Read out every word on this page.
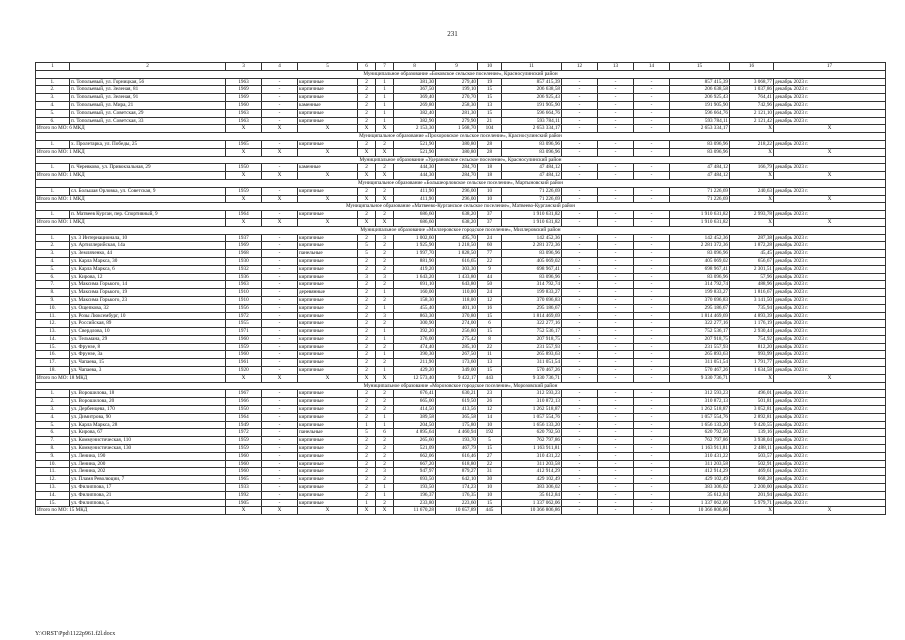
231
1	2	3	4	5	6	7	8	9	10	11	12	13	14	15	16	17
Муниципальное образование «Боковское сельское поселение», Красносулинский район																
1.	п. Топольевый, ул. Горницкая, 56	1963	-	кирпичные	2	1	381,30	279,40	19	857 415,39	-	-	-	857 415,39	3 068,77	декабрь 2023 г.
2.	п. Топольевый, ул. Зеленая, 81	1969	-	кирпичные	2	1	367,50	199,10	15	206 638,58	-	-	-	206 638,58	1 037,86	декабрь 2023 г.
3.	п. Топольевый, ул. Зеленая, 91	1969	-	кирпичные	2	1	369,40	270,70	15	206 925,43	-	-	-	206 925,43	764,41	декабрь 2023 г.
4.	п. Топольевый, ул. Мира, 21	1960	-	каменные	2	1	269,80	258,30	13	191 905,90	-	-	-	191 905,90	742,96	декабрь 2023 г.
5.	п. Топольевый, ул. Советская, 29	1963	-	кирпичные	2	1	382,40	281,30	15	596 664,76	-	-	-	596 664,76	2 121,10	декабрь 2023 г.
6.	п. Топольевый, ул. Советская, 33	1963	-	кирпичные	2	1	382,90	279,90	21	593 784,11	-	-	-	593 784,11	2 121,42	декабрь 2023 г.
Итого по МО: 6 МКД		X	X	X	X	X	2 153,30	1 568,70	104	2 653 334,17	-	-	-	2 653 334,17	X	X
Муниципальное образование «Прохоровское сельское поселение», Красносулинский район																
1.	х. Пролетарка, ул. Победы, 25	1965	-	кирпичные	2	2	521,90	380,80	28	83 096,96	-	-	-	83 096,96	218,22	декабрь 2023 г.
Итого по МО: 1 МКД		X	X	X	X	X	521,90	380,80	28	83 096,96	-	-	-	83 096,96	X	X
Муниципальное образование «Удерановское сельское поселение», Красносулинский район																
1.	п. Черевково, ул. Привокзальная, 29	1950	-	каменные	2	2	444,30	284,70	18	47 484,12	-	-	-	47 484,12	166,79	декабрь 2023 г.
Итого по МО: 1 МКД		X	X	X	X	X	444,30	284,70	18	47 484,12	-	-	-	47 484,12	X	X
Муниципальное образование «Большеорловское сельское поселение», Мартыновский район																
1.	сл. Большая Орловка, ул. Советская, 9	1959	-	кирпичные	2	2	411,90	296,00	10	71 226,69	-	-	-	71 226,69	240,63	декабрь 2023 г.
Итого по МО: 1 МКД		X	X	X	X	X	411,90	296,00	10	71 226,69	-	-	-	71 226,69	X	X
Муниципальное образование «Матвеево-Курганское сельское поселение», Матвеево-Курганский район																
1.	п. Матвеев Курган, пер. Спортивный, 9	1964	-	кирпичные	2	2	686,60	638,20	37	1 910 631,82	-	-	-	1 910 631,82	2 993,78	декабрь 2023 г.
Итого по МО: 1 МКД		X	X	X	X	X	686,60	638,20	37	1 910 631,82	-	-	-	1 910 631,82	X	X
Муниципальное образование «Миллеровское городское поселение», Миллеровский район																
1.	ул. 3 Интернационала, 10	1937	-	кирпичные	2	3	1 002,60	495,70	24	142 452,36	-	-	-	142 452,36	287,38	декабрь 2023 г.
2.	ул. Артиллерийская, 14а	1969	-	кирпичные	5	2	1 925,90	1 218,50	60	2 281 372,36	-	-	-	2 281 372,36	1 872,28	декабрь 2023 г.
3.	ул. Земляченко, 44	1968	-	панельные	5	2	1 997,70	1 828,50	77	83 096,96	-	-	-	83 096,96	45,45	декабрь 2023 г.
4.	ул. Карла Маркса, 30	1930	-	кирпичные	2	2	881,90	616,65	22	405 069,02	-	-	-	405 069,02	656,67	декабрь 2023 г.
5.	ул. Карла Маркса, 6	1932	-	кирпичные	2	2	419,20	303,30	9	698 967,41	-	-	-	698 967,41	2 301,51	декабрь 2023 г.
6.	ул. Кирова, 12	1936	-	кирпичные	3	3	1 643,20	1 433,80	44	83 096,96	-	-	-	83 096,96	57,96	декабрь 2023 г.
7.	ул. Максима Горького, 14	1963	-	кирпичные	2	2	691,10	643,80	50	314 792,74	-	-	-	314 792,74	488,96	декабрь 2023 г.
8.	ул. Максима Горького, 19	1910	-	деревянные	2	1	160,00	110,00	24	199 833,27	-	-	-	199 833,27	1 816,67	декабрь 2023 г.
9.	ул. Максима Горького, 23	1910	-	кирпичные	2	2	158,30	118,00	12	370 696,83	-	-	-	370 696,83	3 141,50	декабрь 2023 г.
10.	ул. Ощепкова, 32	1956	-	кирпичные	2	1	455,40	401,10	16	295 186,67	-	-	-	295 186,67	735,94	декабрь 2023 г.
11.	ул. Розы Люксембург, 10	1972	-	кирпичные	2	3	863,30	370,80	15	1 814 469,69	-	-	-	1 814 469,69	4 893,39	декабрь 2023 г.
12.	ул. Российская, 89	1955	-	кирпичные	2	2	300,90	274,00	6	322 277,16	-	-	-	322 277,16	1 176,19	декабрь 2023 г.
13.	ул. Свердлова, 10	1971	-	кирпичные	2	1	392,20	256,80	15	752 536,17	-	-	-	752 536,17	2 930,44	декабрь 2023 г.
14.	ул. Тельмана, 29	1960	-	кирпичные	2	1	376,00	275,42	8	207 918,75	-	-	-	207 918,75	754,92	декабрь 2023 г.
15.	ул. Фрунзе, 8	1959	-	кирпичные	2	2	474,40	285,10	22	231 557,93	-	-	-	231 557,93	812,20	декабрь 2023 г.
16.	ул. Фрунзе, 3а	1960	-	кирпичные	2	1	390,30	267,50	11	265 893,63	-	-	-	265 893,63	993,99	декабрь 2023 г.
17.	ул. Чапаева, 15	1961	-	кирпичные	2	2	211,90	173,60	13	311 051,54	-	-	-	311 051,54	1 791,77	декабрь 2023 г.
18.	ул. Чапаева, 3	1920	-	кирпичные	2	1	429,20	349,00	15	570 467,26	-	-	-	570 467,26	1 634,58	декабрь 2023 г.
Итого по МО: 18 МКД		X	X	X	X	X	12 573,40	9 422,17	443	9 330 736,71	-	-	-	9 330 736,71	X	X
Муниципальное образование «Морозовское городское поселение», Морозовский район																
1.	ул. Ворошилова, 18	1967	-	кирпичные	2	2	676,41	630,21	23	312 593,23	-	-	-	312 593,23	496,01	декабрь 2023 г.
2.	ул. Ворошилова, 20	1966	-	кирпичные	2	2	665,00	619,50	26	310 872,13	-	-	-	310 872,13	501,81	декабрь 2023 г.
3.	ул. Дербенцева, 170	1950	-	кирпичные	2	2	414,50	413,56	12	1 262 518,87	-	-	-	1 262 518,87	3 052,81	декабрь 2023 г.
4.	ул. Димитрова, 90	1964	-	кирпичные	2	1	389,58	365,58	14	1 057 554,76	-	-	-	1 057 554,76	2 892,81	декабрь 2023 г.
5.	ул. Карла Маркса, 28	1949	-	кирпичные	1	1	204,50	175,80	10	1 656 133,20	-	-	-	1 656 133,20	9 420,55	декабрь 2023 г.
6.	ул. Кирова, 67	1972	-	панельные	5	6	4 895,64	4 460,94	192	620 792,50	-	-	-	620 792,50	139,16	декабрь 2023 г.
7.	ул. Коммунистическая, 110	1959	-	кирпичные	2	2	265,60	193,70	5	762 797,86	-	-	-	762 797,86	3 938,04	декабрь 2023 г.
8.	ул. Коммунистическая, 130	1959	-	кирпичные	2	2	521,09	467,79	15	1 163 911,81	-	-	-	1 163 911,81	2 488,11	декабрь 2023 г.
9.	ул. Ленина, 190	1960	-	кирпичные	2	2	662,06	616,46	27	310 431,22	-	-	-	310 431,22	503,57	декабрь 2023 г.
10.	ул. Ленина, 200	1960	-	кирпичные	2	2	667,20	618,80	22	311 203,58	-	-	-	311 203,58	502,91	декабрь 2023 г.
11.	ул. Ленина, 202	1960	-	кирпичные	2	3	947,97	879,27	31	412 914,29	-	-	-	412 914,29	469,61	декабрь 2023 г.
12.	ул. Пламя Революции, 7	1965	-	кирпичные	2	2	693,50	642,10	30	429 102,49	-	-	-	429 102,49	668,28	декабрь 2023 г.
13.	ул. Филиппова, 17	1933	-	кирпичные	2	1	193,50	174,23	10	383 306,02	-	-	-	383 306,02	2 200,00	декабрь 2023 г.
14.	ул. Филиппова, 21	1992	-	кирпичные	2	1	196,37	176,35	10	35 612,84	-	-	-	35 612,84	201,94	декабрь 2023 г.
15.	ул. Филиппова, 5	1905	-	кирпичные	1	2	233,80	223,60	15	1 337 062,06	-	-	-	1 337 062,06	5 979,71	декабрь 2023 г.
Итого по МО: 15 МКД		X	X	X	X	X	11 670,28	10 657,89	445	10 366 806,86	-	-	-	10 366 806,86	X	X
Y:\ORST\Ppd\1122p961.f2l.docx
